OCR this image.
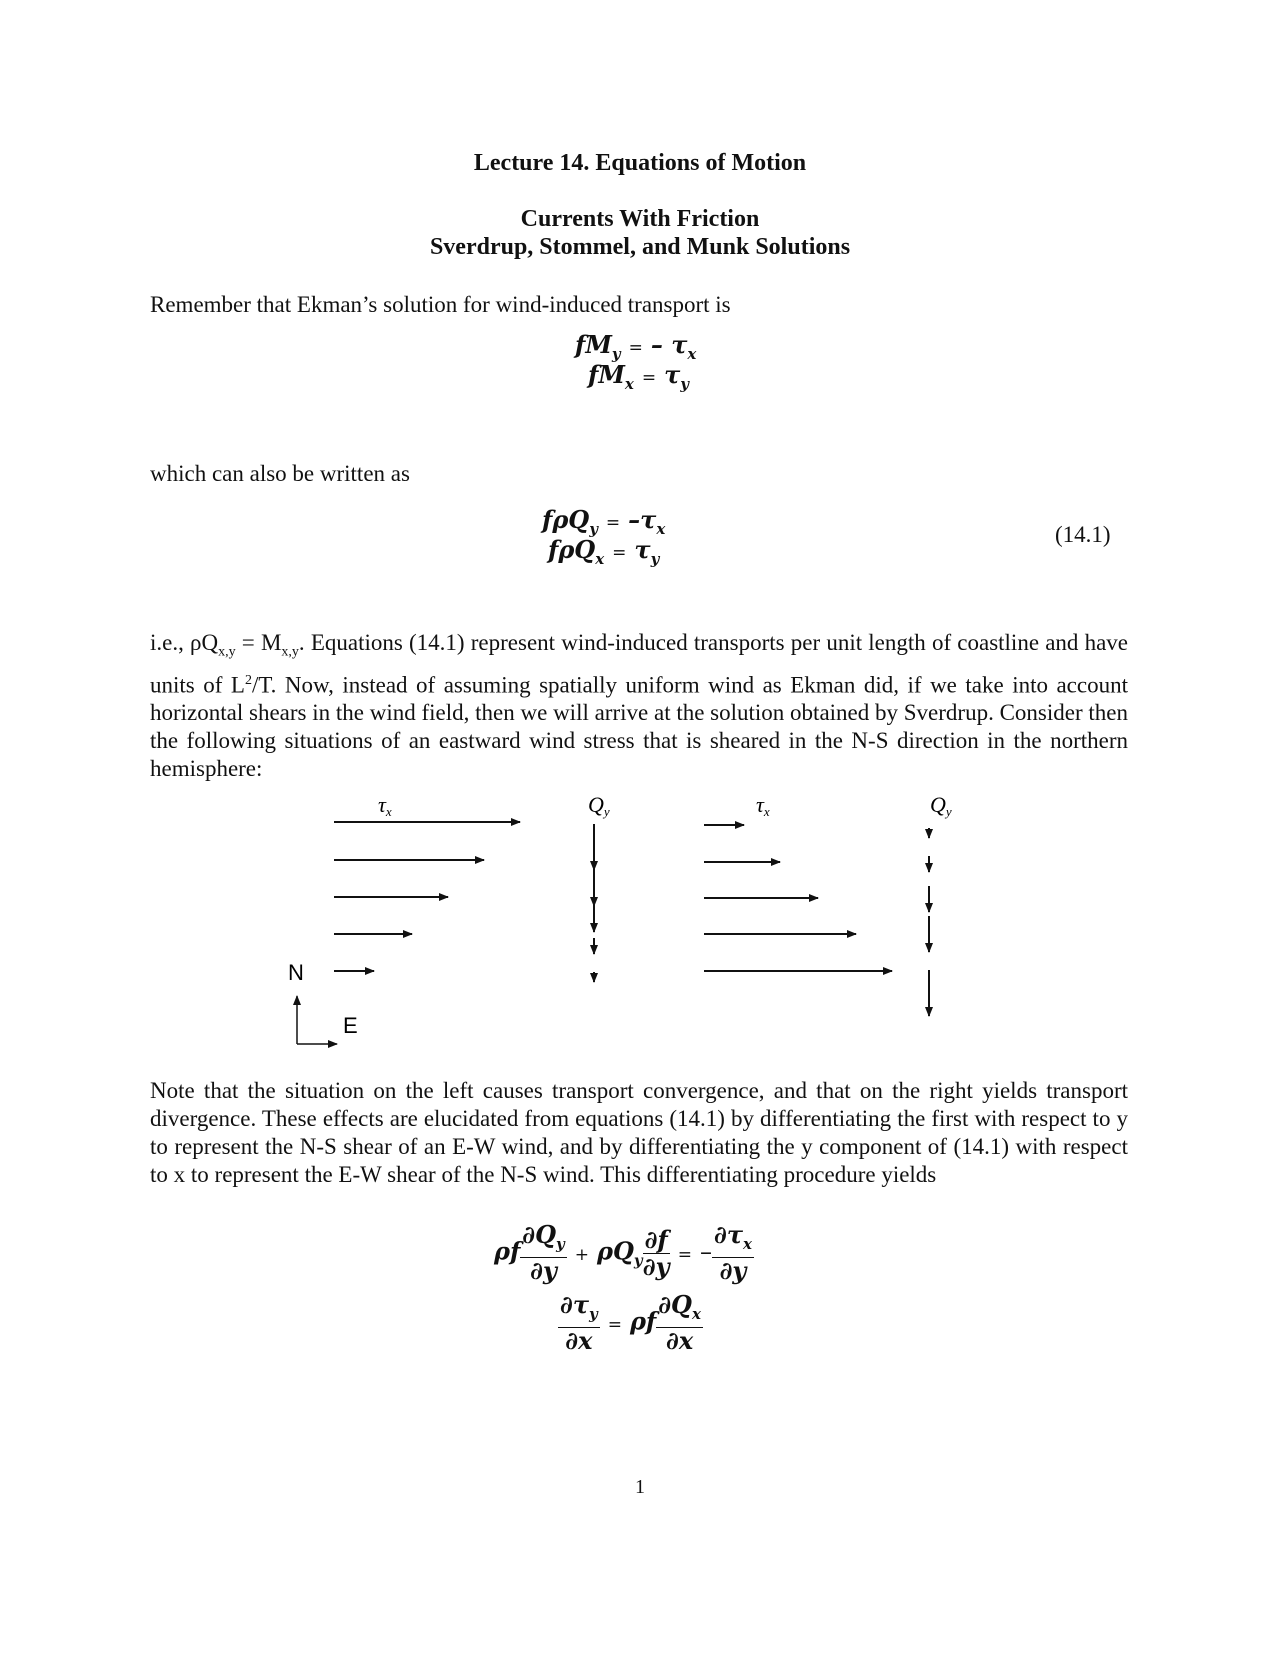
Lecture 14. Equations of Motion
Currents With Friction
Sverdrup, Stommel, and Munk Solutions
Remember that Ekman’s solution for wind-induced transport is
$fM_y$ = – $\tau_x$
$fM_x = \tau_y$
which can also be written as
$f\rho Q_y = -\tau_x$
$f\rho Q_x = \tau_y$
(14.1)
i.e., $\rho Q_{x,y} = M_{x,y}$. Equations (14.1) represent wind-induced transports per unit length of coastline and have units of $L^2/T$. Now, instead of assuming spatially uniform wind as Ekman did, if we take into account horizontal shears in the wind field, then we will arrive at the solution obtained by Sverdrup. Consider then the following situations of an eastward wind stress that is sheared in the N-S direction in the northern hemisphere:
τx	Qy	τx	Qy
N
E
Note that the situation on the left causes transport convergence, and that on the right yields transport divergence. These effects are elucidated from equations (14.1) by differentiating the first with respect to y to represent the N-S shear of an E-W wind, and by differentiating the y component of (14.1) with respect to x to represent the E-W shear of the N-S wind. This differentiating procedure yields
ρf $\frac{\partial Q_y}{\partial y} + \rho Q_y \frac{\partial f}{\partial y}$ = – $\frac{\partial\tau_x}{\partial y}$
$\frac{\partial\tau_y}{\partial x} = \rho f \frac{\partial Q_x}{\partial x}$
1
